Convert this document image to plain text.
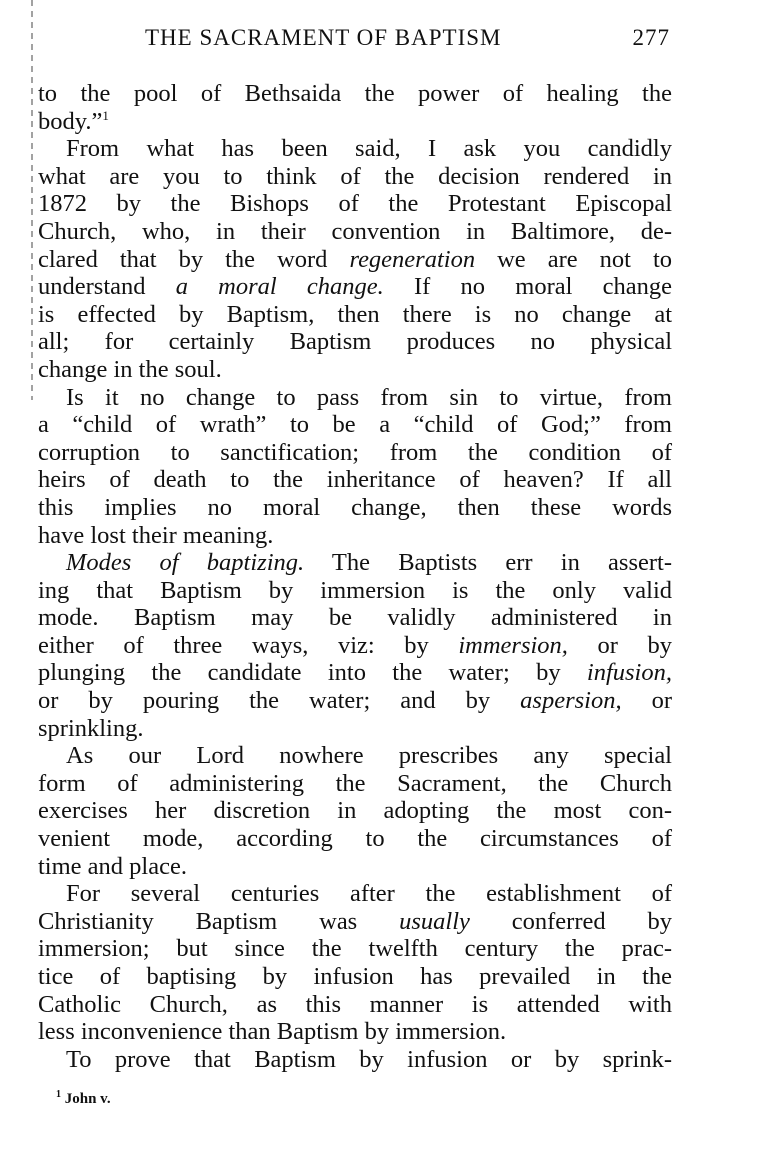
THE SACRAMENT OF BAPTISM	277
to the pool of Bethsaida the power of healing the
body.”$^1$
From what has been said, I ask you candidly
what are you to think of the decision rendered in
1872 by the Bishops of the Protestant Episcopal
Church, who, in their convention in Baltimore, de-
clared that by the word regeneration we are not to
understand a moral change. If no moral change
is effected by Baptism, then there is no change at
all; for certainly Baptism produces no physical
change in the soul.
Is it no change to pass from sin to virtue, from
a “child of wrath” to be a “child of God;” from
corruption to sanctification; from the condition of
heirs of death to the inheritance of heaven? If all
this implies no moral change, then these words
have lost their meaning.
Modes of baptizing. The Baptists err in assert-
ing that Baptism by immersion is the only valid
mode. Baptism may be validly administered in
either of three ways, viz: by immersion, or by
plunging the candidate into the water; by infusion,
or by pouring the water; and by aspersion, or
sprinkling.
As our Lord nowhere prescribes any special
form of administering the Sacrament, the Church
exercises her discretion in adopting the most con-
venient mode, according to the circumstances of
time and place.
For several centuries after the establishment of
Christianity Baptism was usually conferred by
immersion; but since the twelfth century the prac-
tice of baptising by infusion has prevailed in the
Catholic Church, as this manner is attended with
less inconvenience than Baptism by immersion.
To prove that Baptism by infusion or by sprink-
$^1$ John v.
